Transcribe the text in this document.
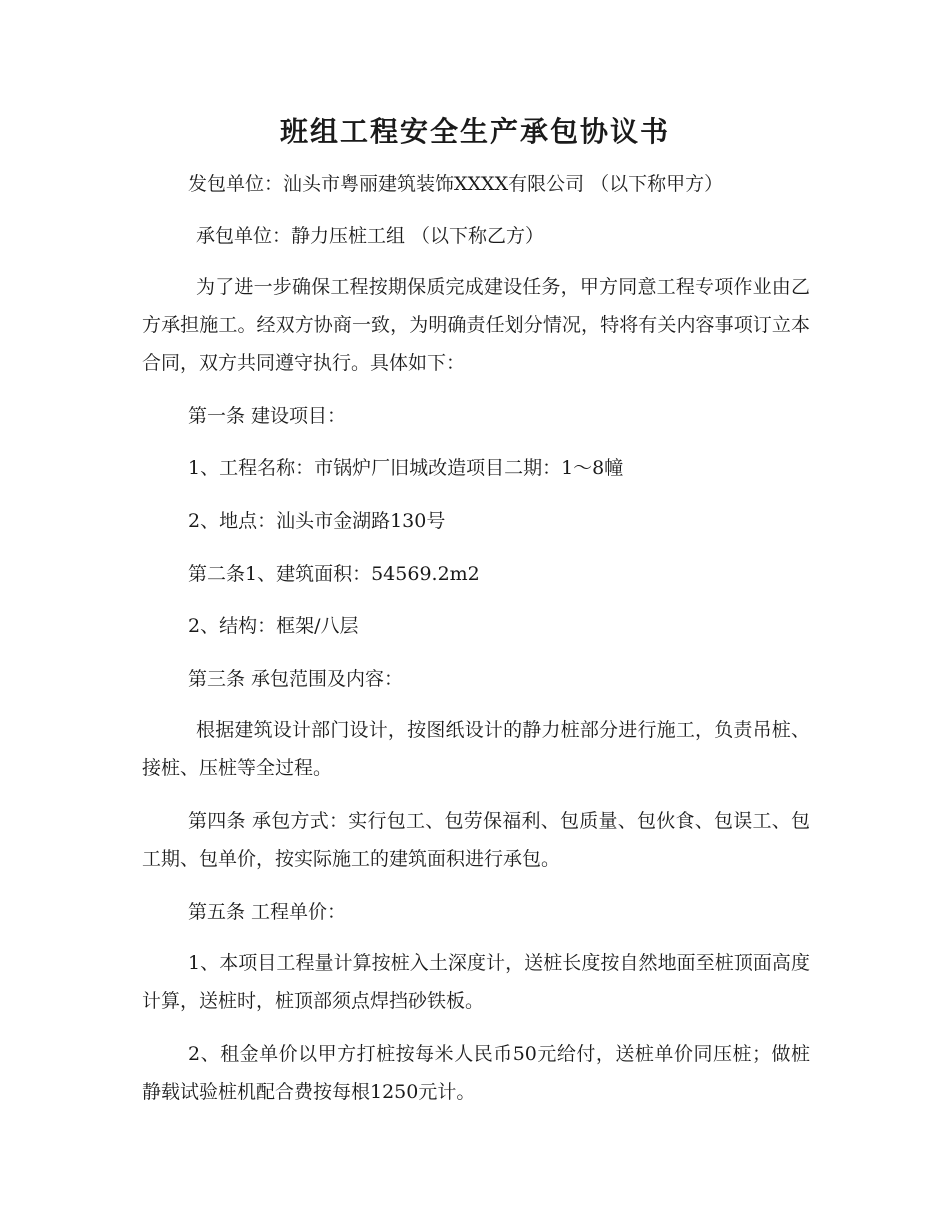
班组工程安全生产承包协议书

发包单位：汕头市粤丽建筑装饰XXXX有限公司 （以下称甲方）

承包单位：静力压桩工组 （以下称乙方）

为了进一步确保工程按期保质完成建设任务，甲方同意工程专项作业由乙方承担施工。经双方协商一致，为明确责任划分情况，特将有关内容事项订立本合同，双方共同遵守执行。具体如下：

第一条 建设项目：

1、工程名称：市锅炉厂旧城改造项目二期：1～8幢

2、地点：汕头市金湖路130号

第二条1、建筑面积：54569.2m2

2、结构：框架/八层

第三条 承包范围及内容：

根据建筑设计部门设计，按图纸设计的静力桩部分进行施工，负责吊桩、接桩、压桩等全过程。

第四条 承包方式：实行包工、包劳保福利、包质量、包伙食、包误工、包工期、包单价，按实际施工的建筑面积进行承包。

第五条 工程单价：

1、本项目工程量计算按桩入土深度计，送桩长度按自然地面至桩顶面高度计算，送桩时，桩顶部须点焊挡砂铁板。

2、租金单价以甲方打桩按每米人民币50元给付，送桩单价同压桩；做桩静载试验桩机配合费按每根1250元计。
